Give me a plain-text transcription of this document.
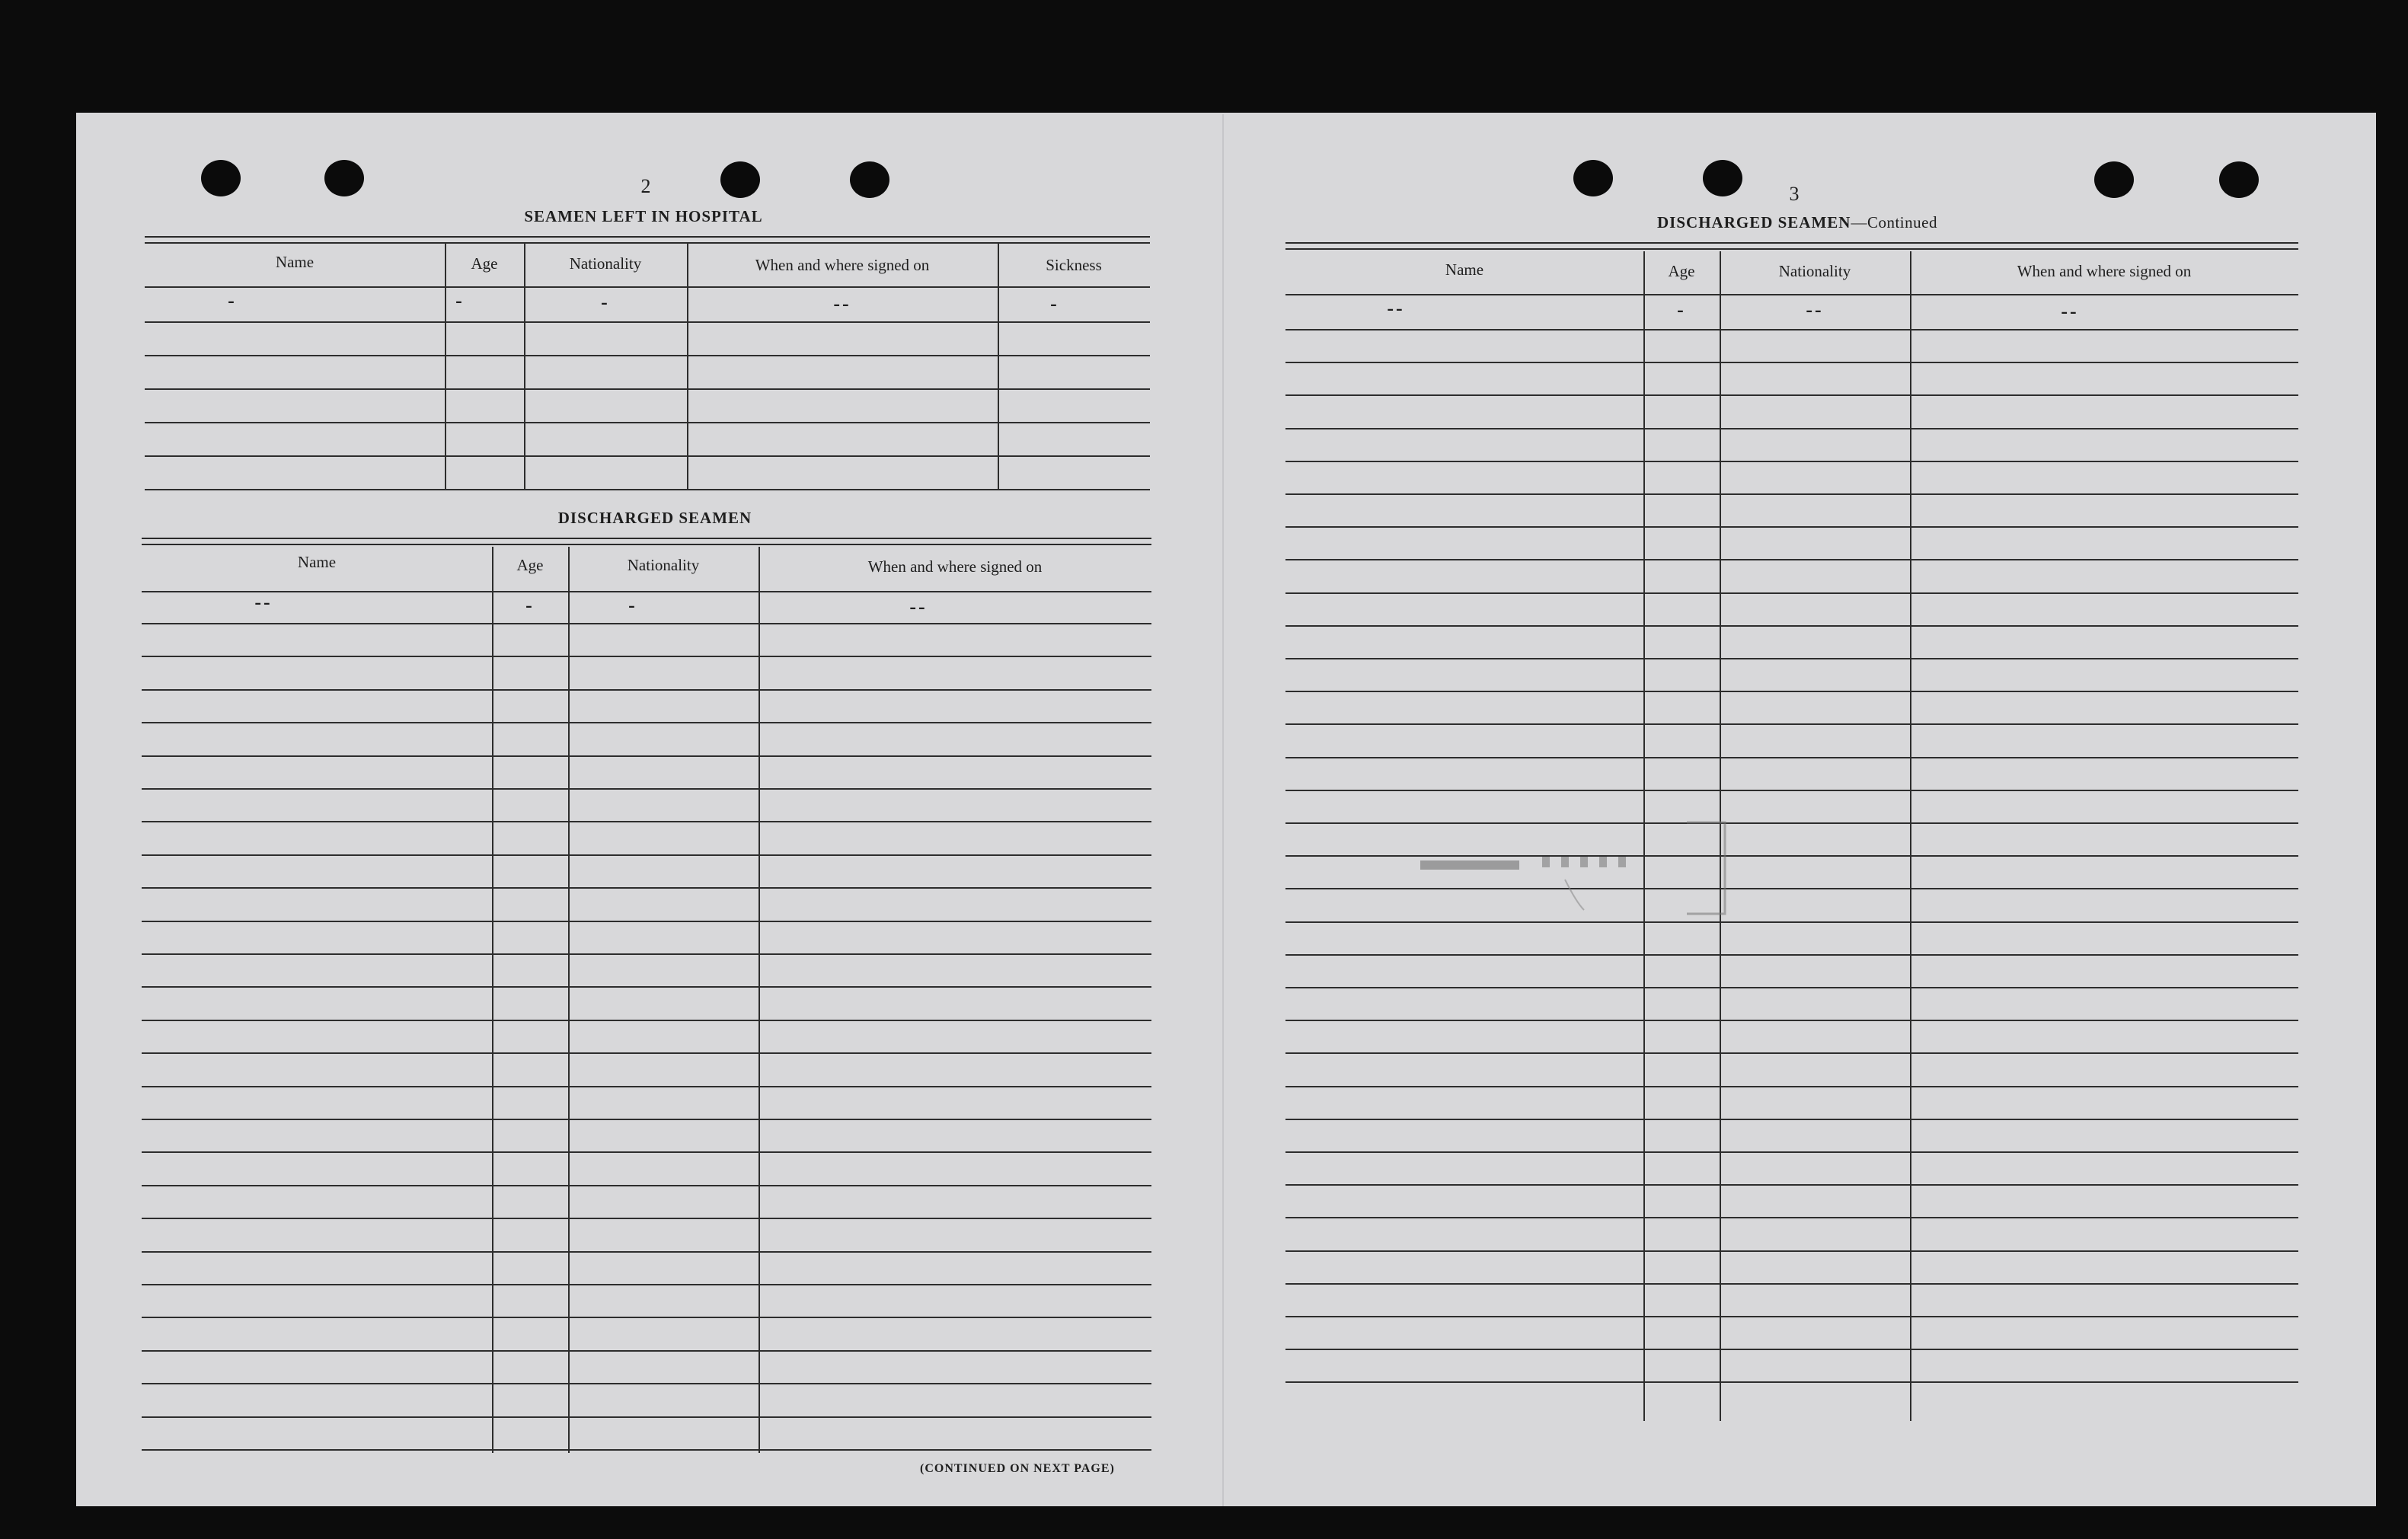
2
SEAMEN LEFT IN HOSPITAL
Name	Age	Nationality	When and where signed on	Sickness
-	-	-	--	-
DISCHARGED SEAMEN
Name	Age	Nationality	When and where signed on
--	-	-	--
(CONTINUED ON NEXT PAGE)
3
DISCHARGED SEAMEN—Continued
Name	Age	Nationality	When and where signed on
--	-	--	--
